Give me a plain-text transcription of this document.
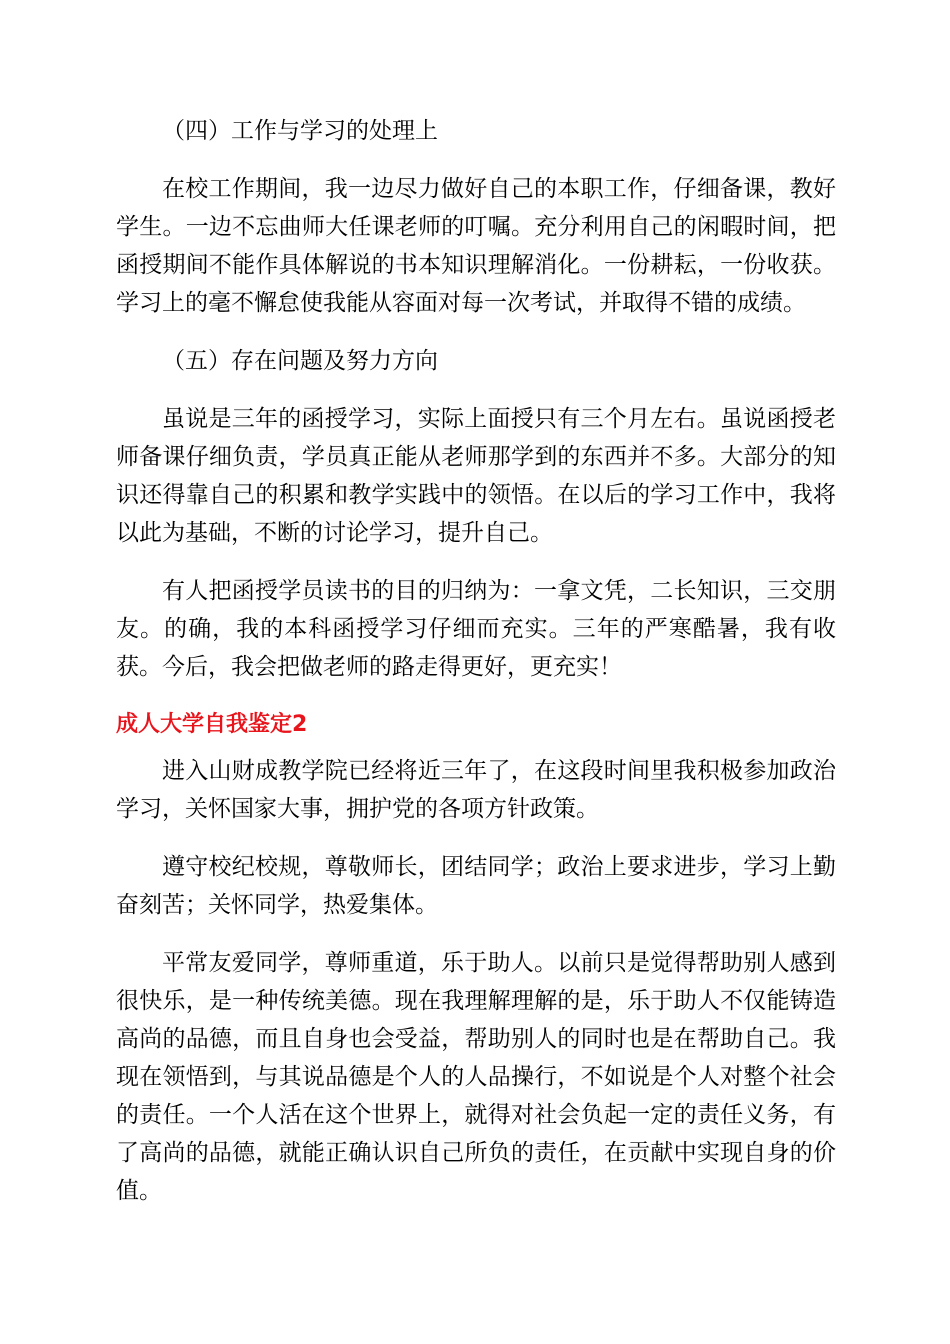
（四）工作与学习的处理上

在校工作期间，我一边尽力做好自己的本职工作，仔细备课，教好学生。一边不忘曲师大任课老师的叮嘱。充分利用自己的闲暇时间，把函授期间不能作具体解说的书本知识理解消化。一份耕耘，一份收获。学习上的毫不懈怠使我能从容面对每一次考试，并取得不错的成绩。

（五）存在问题及努力方向

虽说是三年的函授学习，实际上面授只有三个月左右。虽说函授老师备课仔细负责，学员真正能从老师那学到的东西并不多。大部分的知识还得靠自己的积累和教学实践中的领悟。在以后的学习工作中，我将以此为基础，不断的讨论学习，提升自己。

有人把函授学员读书的目的归纳为：一拿文凭，二长知识，三交朋友。的确，我的本科函授学习仔细而充实。三年的严寒酷暑，我有收获。今后，我会把做老师的路走得更好，更充实！

成人大学自我鉴定2

进入山财成教学院已经将近三年了，在这段时间里我积极参加政治学习，关怀国家大事，拥护党的各项方针政策。

遵守校纪校规，尊敬师长，团结同学；政治上要求进步，学习上勤奋刻苦；关怀同学，热爱集体。

平常友爱同学，尊师重道，乐于助人。以前只是觉得帮助别人感到很快乐，是一种传统美德。现在我理解理解的是，乐于助人不仅能铸造高尚的品德，而且自身也会受益，帮助别人的同时也是在帮助自己。我现在领悟到，与其说品德是个人的人品操行，不如说是个人对整个社会的责任。一个人活在这个世界上，就得对社会负起一定的责任义务，有了高尚的品德，就能正确认识自己所负的责任，在贡献中实现自身的价值。
